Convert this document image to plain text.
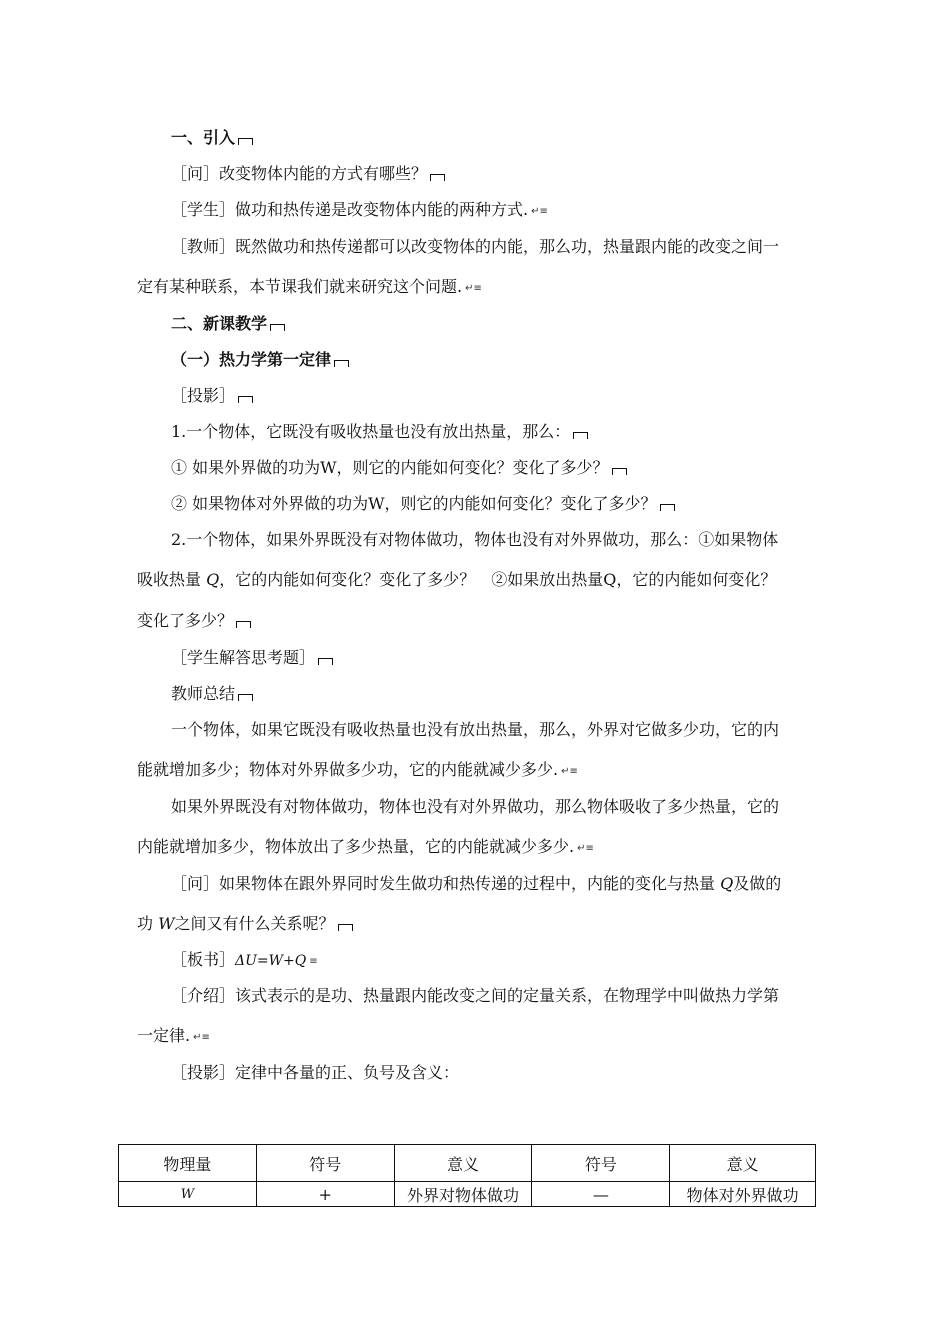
一、引入
［问］改变物体内能的方式有哪些？
［学生］做功和热传递是改变物体内能的两种方式. ↵≡
［教师］既然做功和热传递都可以改变物体的内能，那么功，热量跟内能的改变之间一
定有某种联系，本节课我们就来研究这个问题. ↵≡
二、新课教学
（一）热力学第一定律
［投影］
1.一个物体，它既没有吸收热量也没有放出热量，那么：
① 如果外界做的功为W，则它的内能如何变化？变化了多少？
② 如果物体对外界做的功为W，则它的内能如何变化？变化了多少？
2.一个物体，如果外界既没有对物体做功，物体也没有对外界做功，那么：①如果物体
吸收热量 Q，它的内能如何变化？变化了多少？　②如果放出热量Q，它的内能如何变化？
变化了多少？
［学生解答思考题］
教师总结
一个物体，如果它既没有吸收热量也没有放出热量，那么，外界对它做多少功，它的内
能就增加多少；物体对外界做多少功，它的内能就减少多少. ↵≡
如果外界既没有对物体做功，物体也没有对外界做功，那么物体吸收了多少热量，它的
内能就增加多少，物体放出了多少热量，它的内能就减少多少. ↵≡
［问］如果物体在跟外界同时发生做功和热传递的过程中，内能的变化与热量 Q及做的
功 W之间又有什么关系呢？
［板书］ΔU=W+Q ≡
［介绍］该式表示的是功、热量跟内能改变之间的定量关系，在物理学中叫做热力学第
一定律. ↵≡
［投影］定律中各量的正、负号及含义：
物理量	符号	意义	符号	意义
W	+	外界对物体做功	—	物体对外界做功
